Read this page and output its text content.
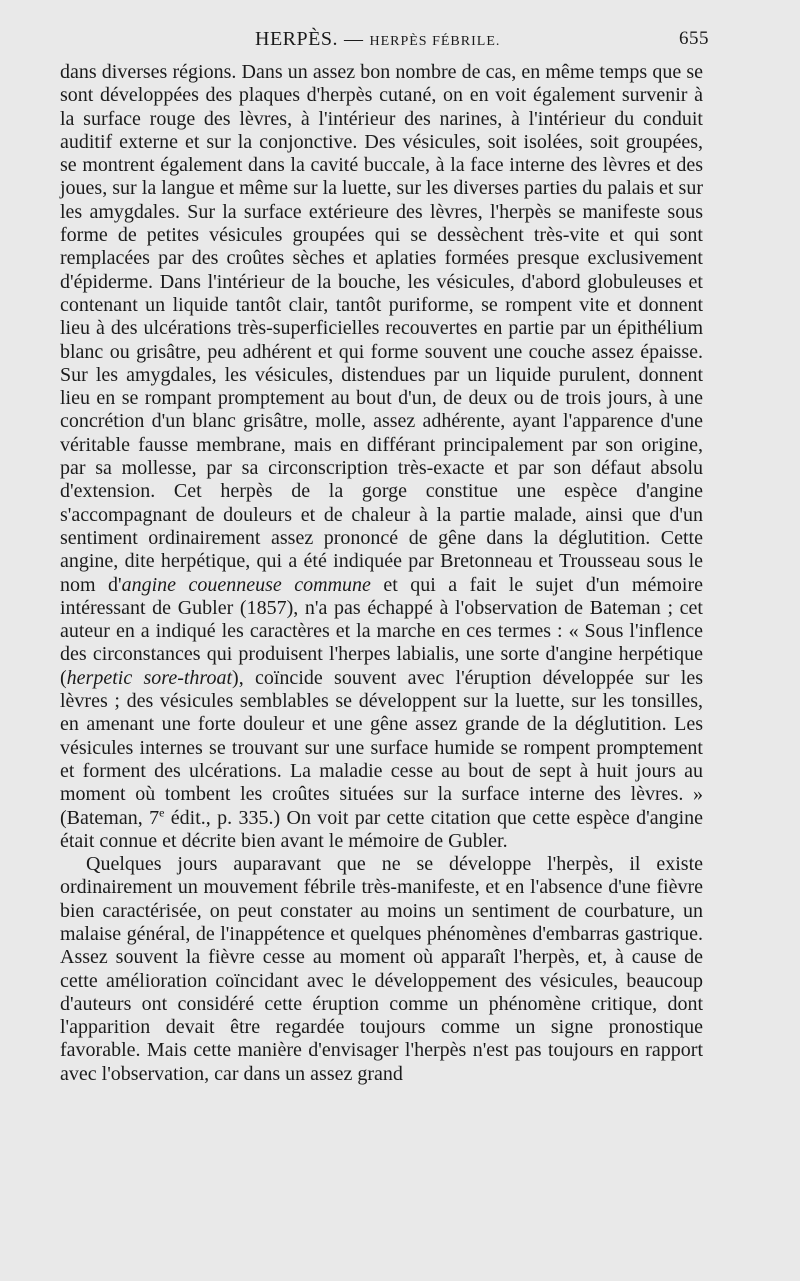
HERPÈS. — HERPÈS FÉBRILE.	655

dans diverses régions. Dans un assez bon nombre de cas, en même temps que se sont développées des plaques d'herpès cutané, on en voit également survenir à la surface rouge des lèvres, à l'intérieur des narines, à l'intérieur du conduit auditif externe et sur la conjonctive. Des vésicules, soit isolées, soit groupées, se montrent également dans la cavité buccale, à la face interne des lèvres et des joues, sur la langue et même sur la luette, sur les diverses parties du palais et sur les amygdales. Sur la surface extérieure des lèvres, l'herpès se manifeste sous forme de petites vésicules groupées qui se dessèchent très-vite et qui sont remplacées par des croûtes sèches et aplaties formées presque exclusivement d'épiderme. Dans l'intérieur de la bouche, les vésicules, d'abord globuleuses et contenant un liquide tantôt clair, tantôt puriforme, se rompent vite et donnent lieu à des ulcérations très-superficielles recouvertes en partie par un épithélium blanc ou grisâtre, peu adhérent et qui forme souvent une couche assez épaisse. Sur les amygdales, les vésicules, distendues par un liquide purulent, donnent lieu en se rompant promptement au bout d'un, de deux ou de trois jours, à une concrétion d'un blanc grisâtre, molle, assez adhérente, ayant l'apparence d'une véritable fausse membrane, mais en différant principalement par son origine, par sa mollesse, par sa circonscription très-exacte et par son défaut absolu d'extension. Cet herpès de la gorge constitue une espèce d'angine s'accompagnant de douleurs et de chaleur à la partie malade, ainsi que d'un sentiment ordinairement assez prononcé de gêne dans la déglutition. Cette angine, dite herpétique, qui a été indiquée par Bretonneau et Trousseau sous le nom d'angine couenneuse commune et qui a fait le sujet d'un mémoire intéressant de Gubler (1857), n'a pas échappé à l'observation de Bateman ; cet auteur en a indiqué les caractères et la marche en ces termes : « Sous l'inflence des circonstances qui produisent l'herpes labialis, une sorte d'angine herpétique (herpetic sore-throat), coïncide souvent avec l'éruption développée sur les lèvres ; des vésicules semblables se développent sur la luette, sur les tonsilles, en amenant une forte douleur et une gêne assez grande de la déglutition. Les vésicules internes se trouvant sur une surface humide se rompent promptement et forment des ulcérations. La maladie cesse au bout de sept à huit jours au moment où tombent les croûtes situées sur la surface interne des lèvres. » (Bateman, 7e édit., p. 335.) On voit par cette citation que cette espèce d'angine était connue et décrite bien avant le mémoire de Gubler.

Quelques jours auparavant que ne se développe l'herpès, il existe ordinairement un mouvement fébrile très-manifeste, et en l'absence d'une fièvre bien caractérisée, on peut constater au moins un sentiment de courbature, un malaise général, de l'inappétence et quelques phénomènes d'embarras gastrique. Assez souvent la fièvre cesse au moment où apparaît l'herpès, et, à cause de cette amélioration coïncidant avec le développement des vésicules, beaucoup d'auteurs ont considéré cette éruption comme un phénomène critique, dont l'apparition devait être regardée toujours comme un signe pronostique favorable. Mais cette manière d'envisager l'herpès n'est pas toujours en rapport avec l'observation, car dans un assez grand
